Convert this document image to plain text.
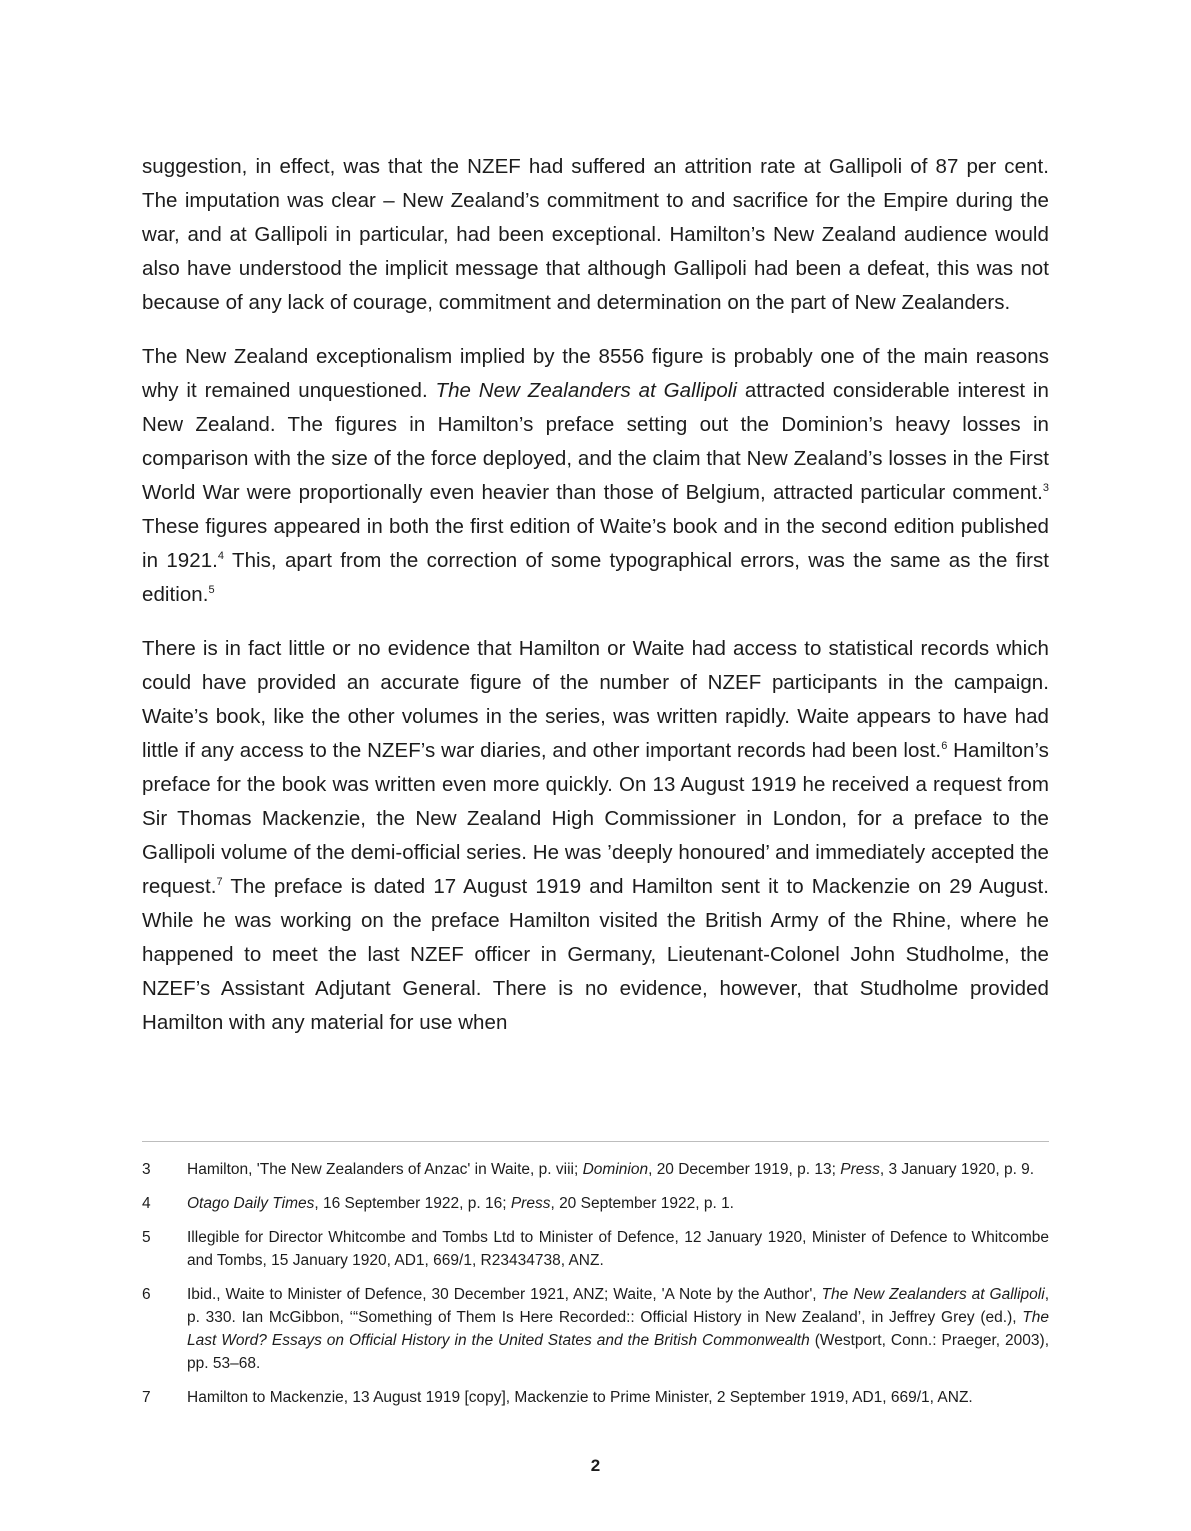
suggestion, in effect, was that the NZEF had suffered an attrition rate at Gallipoli of 87 per cent. The imputation was clear – New Zealand’s commitment to and sacrifice for the Empire during the war, and at Gallipoli in particular, had been exceptional. Hamilton’s New Zealand audience would also have understood the implicit message that although Gallipoli had been a defeat, this was not because of any lack of courage, commitment and determination on the part of New Zealanders.

The New Zealand exceptionalism implied by the 8556 figure is probably one of the main reasons why it remained unquestioned. The New Zealanders at Gallipoli attracted considerable interest in New Zealand. The figures in Hamilton’s preface setting out the Dominion’s heavy losses in comparison with the size of the force deployed, and the claim that New Zealand’s losses in the First World War were proportionally even heavier than those of Belgium, attracted particular comment.$^3$ These figures appeared in both the first edition of Waite’s book and in the second edition published in 1921.$^4$ This, apart from the correction of some typographical errors, was the same as the first edition.$^5$

There is in fact little or no evidence that Hamilton or Waite had access to statistical records which could have provided an accurate figure of the number of NZEF participants in the campaign. Waite’s book, like the other volumes in the series, was written rapidly. Waite appears to have had little if any access to the NZEF’s war diaries, and other important records had been lost.$^6$ Hamilton’s preface for the book was written even more quickly. On 13 August 1919 he received a request from Sir Thomas Mackenzie, the New Zealand High Commissioner in London, for a preface to the Gallipoli volume of the demi-official series. He was ’deeply honoured’ and immediately accepted the request.$^7$ The preface is dated 17 August 1919 and Hamilton sent it to Mackenzie on 29 August. While he was working on the preface Hamilton visited the British Army of the Rhine, where he happened to meet the last NZEF officer in Germany, Lieutenant-Colonel John Studholme, the NZEF’s Assistant Adjutant General. There is no evidence, however, that Studholme provided Hamilton with any material for use when

3	Hamilton, 'The New Zealanders of Anzac' in Waite, p. viii; Dominion, 20 December 1919, p. 13; Press, 3 January 1920, p. 9.
4	Otago Daily Times, 16 September 1922, p. 16; Press, 20 September 1922, p. 1.
5	Illegible for Director Whitcombe and Tombs Ltd to Minister of Defence, 12 January 1920, Minister of Defence to Whitcombe and Tombs, 15 January 1920, AD1, 669/1, R23434738, ANZ.
6	Ibid., Waite to Minister of Defence, 30 December 1921, ANZ; Waite, 'A Note by the Author', The New Zealanders at Gallipoli, p. 330. Ian McGibbon, ‘“Something of Them Is Here Recorded:: Official History in New Zealand’, in Jeffrey Grey (ed.), The Last Word? Essays on Official History in the United States and the British Commonwealth (Westport, Conn.: Praeger, 2003), pp. 53–68.
7	Hamilton to Mackenzie, 13 August 1919 [copy], Mackenzie to Prime Minister, 2 September 1919, AD1, 669/1, ANZ.
2
